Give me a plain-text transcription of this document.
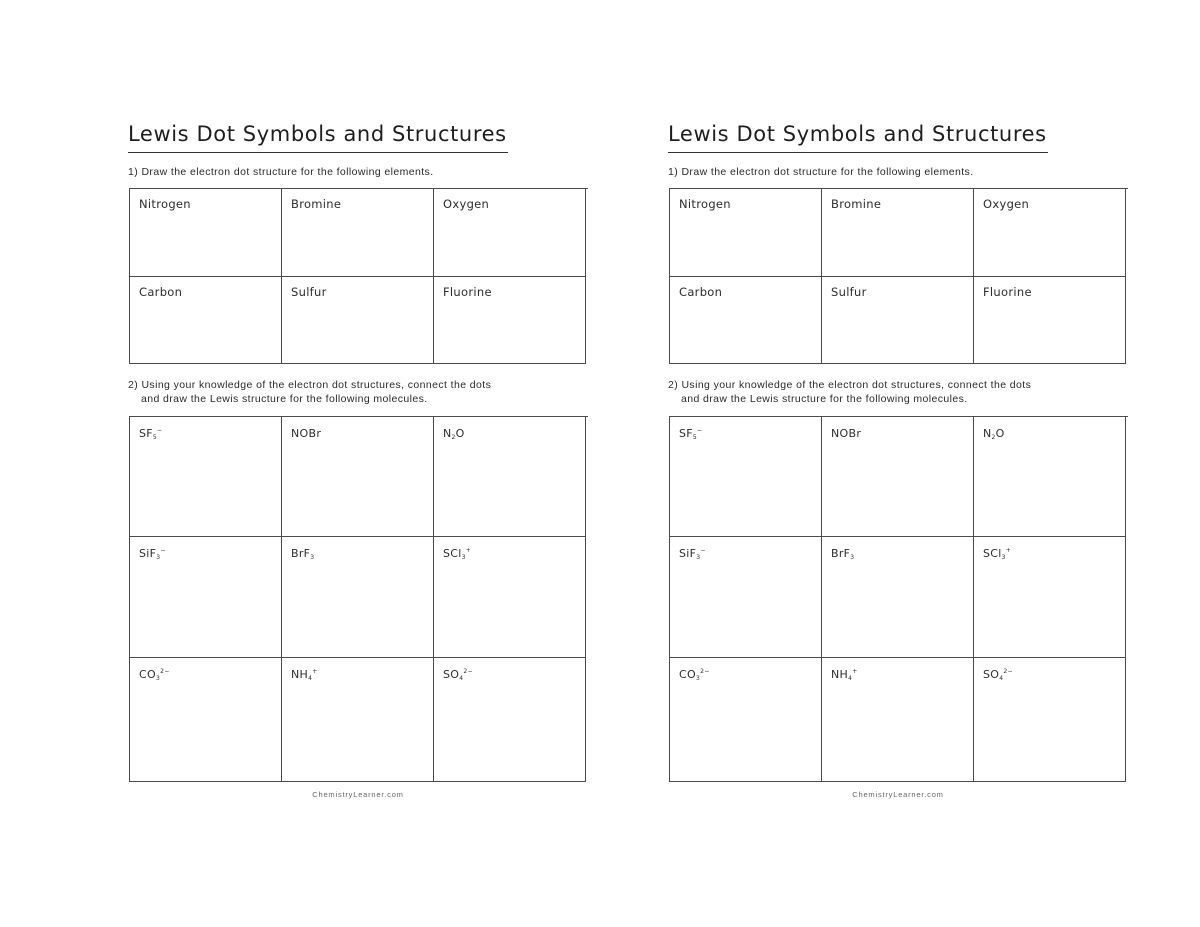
Lewis Dot Symbols and Structures
1) Draw the electron dot structure for the following elements.
Nitrogen	Bromine	Oxygen
Carbon	Sulfur	Fluorine
2) Using your knowledge of the electron dot structures, connect the dots
and draw the Lewis structure for the following molecules.
$SF_5^-$	NOBr	$N_2O$
SiF$_3$−	BrF$_3$	SCl$_3$+
$CO_3^{2-}$	$NH_4^+$	$SO_4^{2-}$
ChemistryLearner.com
Lewis Dot Symbols and Structures
1) Draw the electron dot structure for the following elements.
Nitrogen	Bromine	Oxygen
Carbon	Sulfur	Fluorine
2) Using your knowledge of the electron dot structures, connect the dots
and draw the Lewis structure for the following molecules.
$SF_5^-$	NOBr	$N_2O$
SiF$_3$−	BrF$_3$	SCl$_3$+
$CO_3^{2-}$	$NH_4^+$	$SO_4^{2-}$
ChemistryLearner.com
